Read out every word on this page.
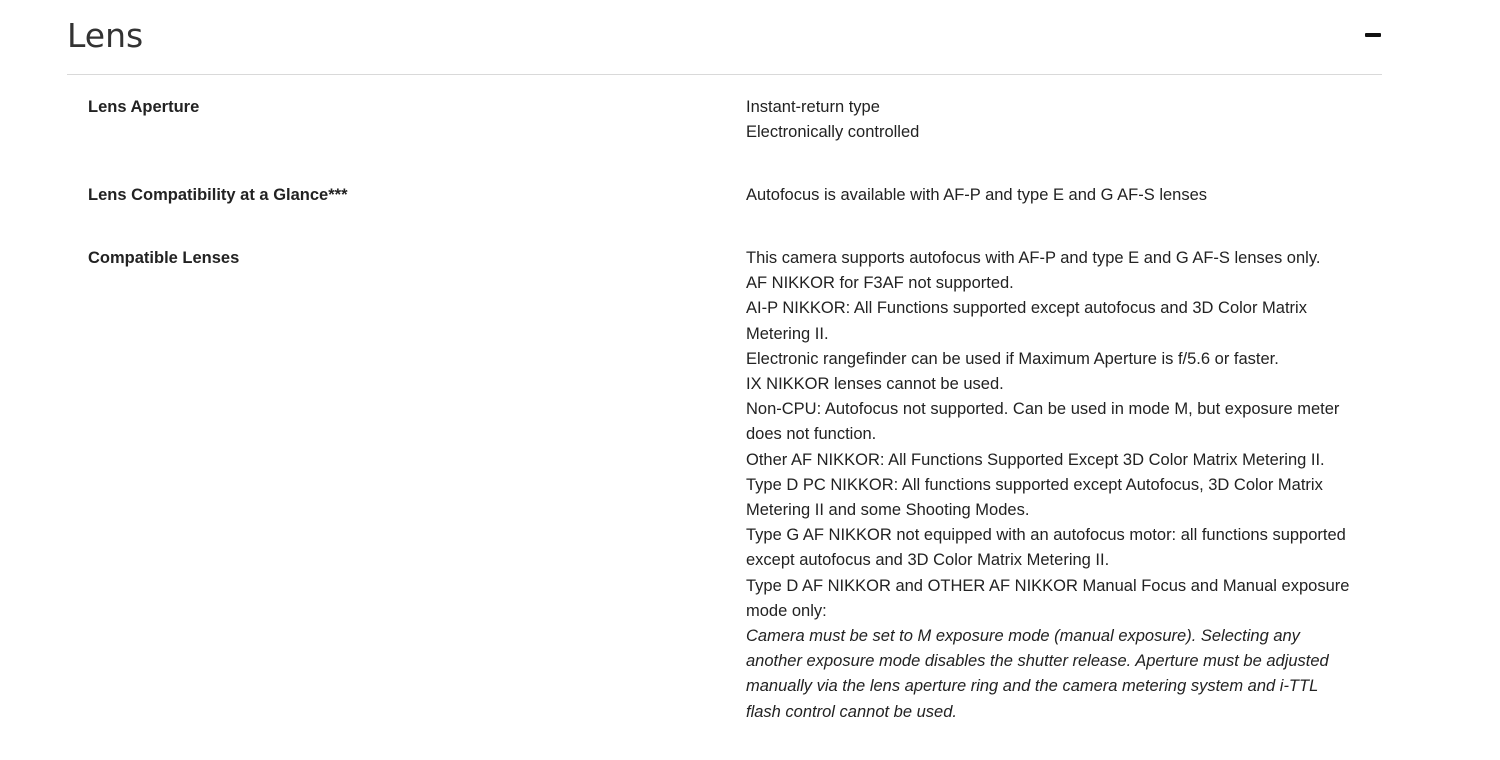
Lens
Lens Aperture	Instant-return type
Electronically controlled
Lens Compatibility at a Glance***	Autofocus is available with AF-P and type E and G AF-S lenses
Compatible Lenses	This camera supports autofocus with AF-P and type E and G AF-S lenses only.
AF NIKKOR for F3AF not supported.
AI-P NIKKOR: All Functions supported except autofocus and 3D Color Matrix
Metering II.
Electronic rangefinder can be used if Maximum Aperture is f/5.6 or faster.
IX NIKKOR lenses cannot be used.
Non-CPU: Autofocus not supported. Can be used in mode M, but exposure meter
does not function.
Other AF NIKKOR: All Functions Supported Except 3D Color Matrix Metering II.
Type D PC NIKKOR: All functions supported except Autofocus, 3D Color Matrix
Metering II and some Shooting Modes.
Type G AF NIKKOR not equipped with an autofocus motor: all functions supported
except autofocus and 3D Color Matrix Metering II.
Type D AF NIKKOR and OTHER AF NIKKOR Manual Focus and Manual exposure
mode only:
Camera must be set to M exposure mode (manual exposure). Selecting any
another exposure mode disables the shutter release. Aperture must be adjusted
manually via the lens aperture ring and the camera metering system and i-TTL
flash control cannot be used.
